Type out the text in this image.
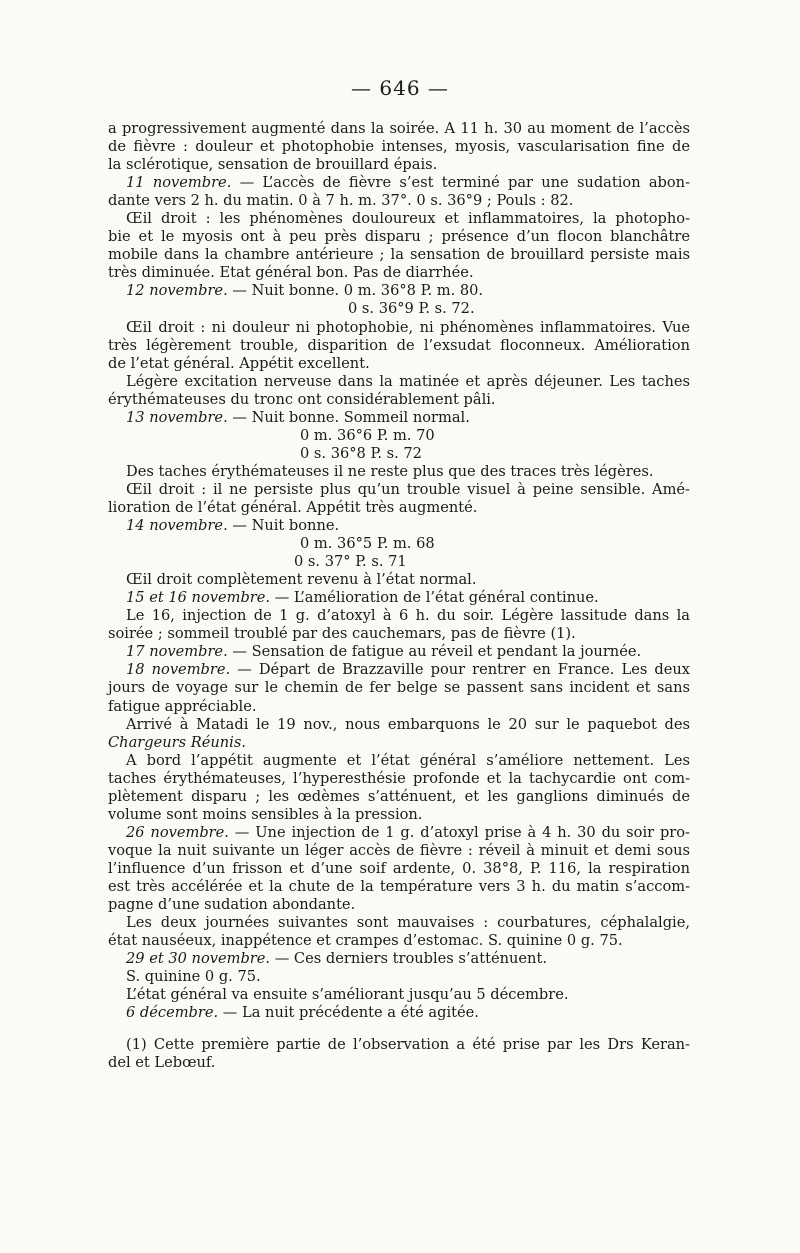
— 646 —
a progressivement augmenté dans la soirée. A 11 h. 30 au moment de l’accès
de fièvre : douleur et photophobie intenses, myosis, vascularisation fine de
la sclérotique, sensation de brouillard épais.
11 novembre. — L’accès de fièvre s’est terminé par une sudation abon-
dante vers 2 h. du matin. 0 à 7 h. m. 37°. 0 s. 36°9 ; Pouls : 82.
Œil droit : les phénomènes douloureux et inflammatoires, la photopho-
bie et le myosis ont à peu près disparu ; présence d’un flocon blanchâtre
mobile dans la chambre antérieure ; la sensation de brouillard persiste mais
très diminuée. Etat général bon. Pas de diarrhée.
12 novembre. — Nuit bonne. 0 m. 36°8 P. m. 80.
0 s. 36°9 P. s. 72.
Œil droit : ni douleur ni photophobie, ni phénomènes inflammatoires. Vue
très légèrement trouble, disparition de l’exsudat floconneux. Amélioration
de l’etat général. Appétit excellent.
Légère excitation nerveuse dans la matinée et après déjeuner. Les taches
érythémateuses du tronc ont considérablement pâli.
13 novembre. — Nuit bonne. Sommeil normal.
0 m. 36°6 P. m. 70
0 s. 36°8 P. s. 72
Des taches érythémateuses il ne reste plus que des traces très légères.
Œil droit : il ne persiste plus qu’un trouble visuel à peine sensible. Amé-
lioration de l’état général. Appétit très augmenté.
14 novembre. — Nuit bonne.
0 m. 36°5 P. m. 68
0 s. 37° P. s. 71
Œil droit complètement revenu à l’état normal.
15 et 16 novembre. — L’amélioration de l’état général continue.
Le 16, injection de 1 g. d’atoxyl à 6 h. du soir. Légère lassitude dans la
soirée ; sommeil troublé par des cauchemars, pas de fièvre (1).
17 novembre. — Sensation de fatigue au réveil et pendant la journée.
18 novembre. — Départ de Brazzaville pour rentrer en France. Les deux
jours de voyage sur le chemin de fer belge se passent sans incident et sans
fatigue appréciable.
Arrivé à Matadi le 19 nov., nous embarquons le 20 sur le paquebot des
Chargeurs Réunis.
A bord l’appétit augmente et l’état général s’améliore nettement. Les
taches érythémateuses, l’hyperesthésie profonde et la tachycardie ont com-
plètement disparu ; les œdèmes s’atténuent, et les ganglions diminués de
volume sont moins sensibles à la pression.
26 novembre. — Une injection de 1 g. d’atoxyl prise à 4 h. 30 du soir pro-
voque la nuit suivante un léger accès de fièvre : réveil à minuit et demi sous
l’influence d’un frisson et d’une soif ardente, 0. 38°8, P. 116, la respiration
est très accélérée et la chute de la température vers 3 h. du matin s’accom-
pagne d’une sudation abondante.
Les deux journées suivantes sont mauvaises : courbatures, céphalalgie,
état nauséeux, inappétence et crampes d’estomac. S. quinine 0 g. 75.
29 et 30 novembre. — Ces derniers troubles s’atténuent.
S. quinine 0 g. 75.
L’état général va ensuite s’améliorant jusqu’au 5 décembre.
6 décembre. — La nuit précédente a été agitée.
(1) Cette première partie de l’observation a été prise par les Drs Keran-
del et Lebœuf.
